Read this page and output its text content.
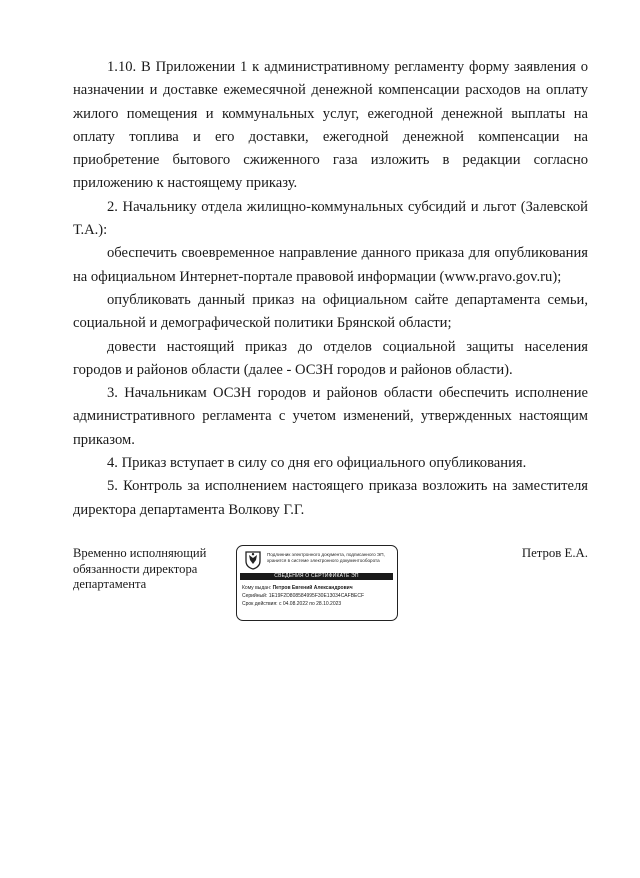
1.10. В Приложении 1 к административному регламенту форму заявления о назначении и доставке ежемесячной денежной компенсации расходов на оплату жилого помещения и коммунальных услуг, ежегодной денежной выплаты на оплату топлива и его доставки, ежегодной денежной компенсации на приобретение бытового сжиженного газа изложить в редакции согласно приложению к настоящему приказу.

2. Начальнику отдела жилищно-коммунальных субсидий и льгот (Залевской Т.А.):

обеспечить своевременное направление данного приказа для опубликования на официальном Интернет-портале правовой информации (www.pravo.gov.ru);

опубликовать данный приказ на официальном сайте департамента семьи, социальной и демографической политики Брянской области;

довести настоящий приказ до отделов социальной защиты населения городов и районов области (далее - ОСЗН городов и районов области).

3. Начальникам ОСЗН городов и районов области обеспечить исполнение административного регламента с учетом изменений, утвержденных настоящим приказом.

4. Приказ вступает в силу со дня его официального опубликования.

5. Контроль за исполнением настоящего приказа возложить на заместителя директора департамента Волкову Г.Г.

Временно исполняющий
обязанности директора
департамента
Петров Е.А.
Подлинник электронного документа, подписанного ЭП, хранится в системе электронного документооборота
СВЕДЕНИЯ О СЕРТИФИКАТЕ ЭП
Кому выдан: Петров Евгений Александрович
Серийный: 1E19F2D808584995F30E13034CAFBECF
Срок действия: с 04.08.2022 по 28.10.2023
